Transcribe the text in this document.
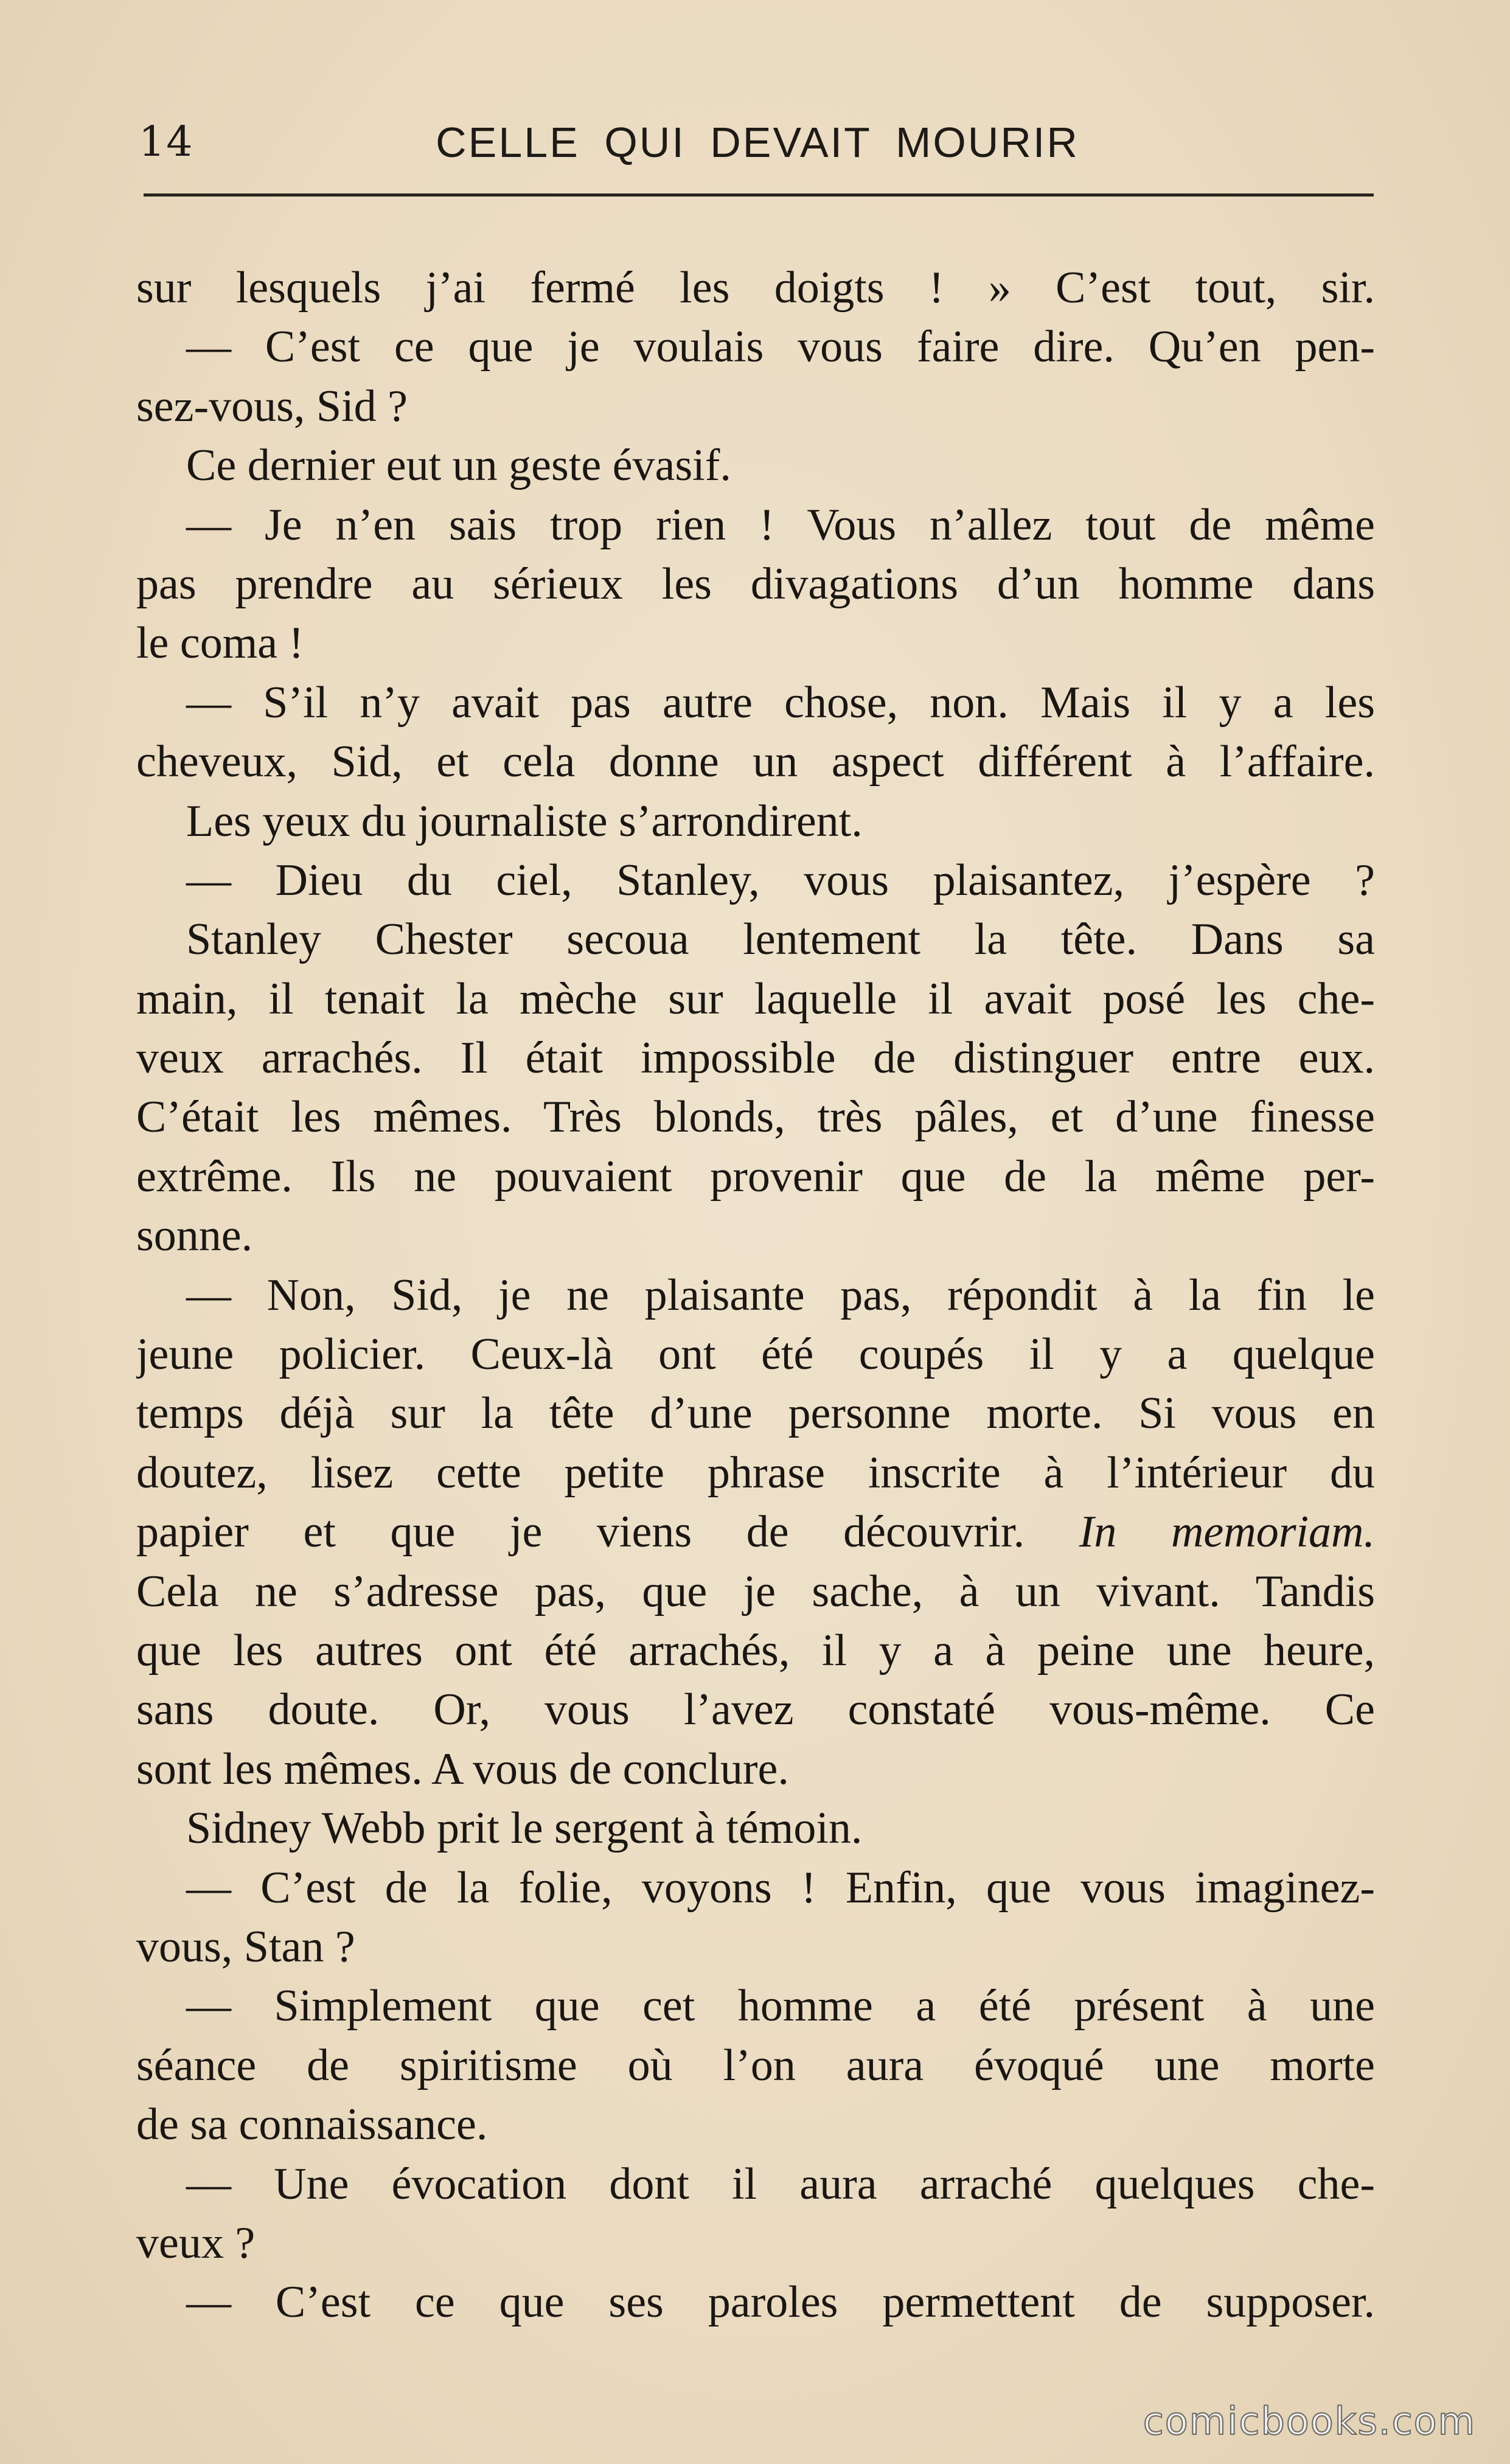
14	CELLE QUI DEVAIT MOURIR
sur lesquels j’ai fermé les doigts ! » C’est tout, sir.
— C’est ce que je voulais vous faire dire. Qu’en pen-
sez-vous, Sid ?
Ce dernier eut un geste évasif.
— Je n’en sais trop rien ! Vous n’allez tout de même
pas prendre au sérieux les divagations d’un homme dans
le coma !
— S’il n’y avait pas autre chose, non. Mais il y a les
cheveux, Sid, et cela donne un aspect différent à l’affaire.
Les yeux du journaliste s’arrondirent.
— Dieu du ciel, Stanley, vous plaisantez, j’espère ?
Stanley Chester secoua lentement la tête. Dans sa
main, il tenait la mèche sur laquelle il avait posé les che-
veux arrachés. Il était impossible de distinguer entre eux.
C’était les mêmes. Très blonds, très pâles, et d’une finesse
extrême. Ils ne pouvaient provenir que de la même per-
sonne.
— Non, Sid, je ne plaisante pas, répondit à la fin le
jeune policier. Ceux-là ont été coupés il y a quelque
temps déjà sur la tête d’une personne morte. Si vous en
doutez, lisez cette petite phrase inscrite à l’intérieur du
papier et que je viens de découvrir. In memoriam.
Cela ne s’adresse pas, que je sache, à un vivant. Tandis
que les autres ont été arrachés, il y a à peine une heure,
sans doute. Or, vous l’avez constaté vous-même. Ce
sont les mêmes. A vous de conclure.
Sidney Webb prit le sergent à témoin.
— C’est de la folie, voyons ! Enfin, que vous imaginez-
vous, Stan ?
— Simplement que cet homme a été présent à une
séance de spiritisme où l’on aura évoqué une morte
de sa connaissance.
— Une évocation dont il aura arraché quelques che-
veux ?
— C’est ce que ses paroles permettent de supposer.
comicbooks.com
